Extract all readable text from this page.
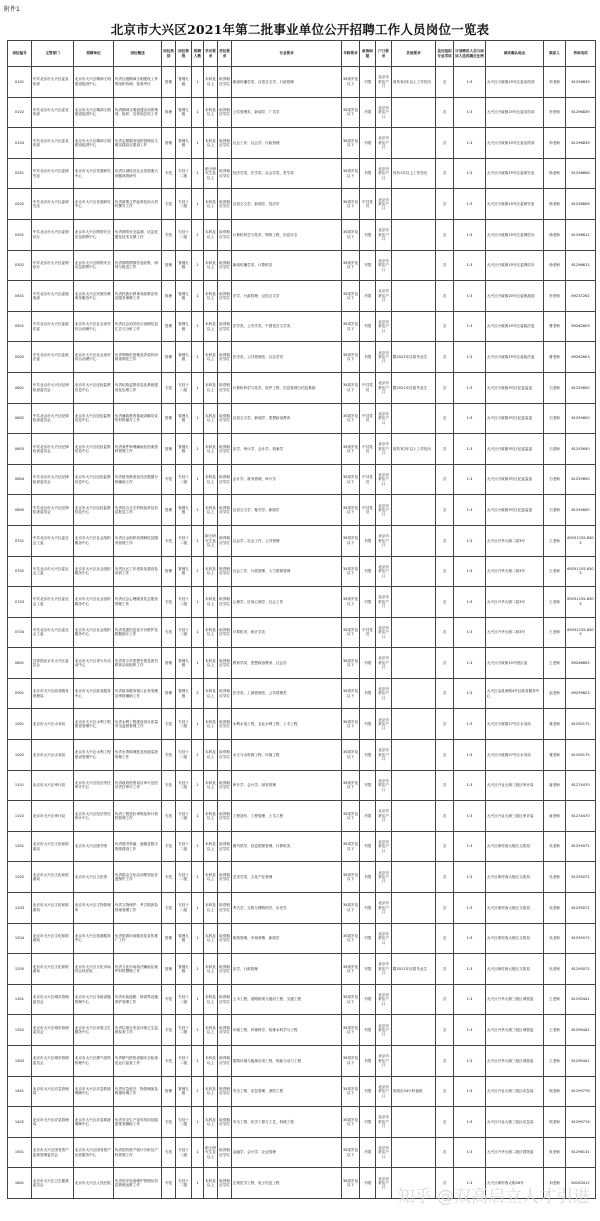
附件1
北京市大兴区2021年第二批事业单位公开招聘工作人员岗位一览表
岗位编号	主管部门	招聘单位	岗位概述	岗位类别	岗位等级	招聘人数	学历要求	学位要求	专业要求	年龄要求	政治面貌	户口要求	其他要求	是否组织专业考试	计划聘用人员与面试人选的确定比例	面试确认地点	联系人	咨询电话
0101	中共北京市大兴区委宣传部	北京市大兴区精神文明建设促进中心	负责区级精神文明建设工作的组织协调、检查考评	管理	管理九级	1	本科及以上	取得相应学位	新闻传播学类、汉语言文学、行政管理	35周岁及以下	不限	北京市常住户口	须具有2年以上工作经历	否	1:3	大兴区兴政街15号区委宣传部	李老师	61296839
0102	中共北京市大兴区委宣传部	北京市大兴区精神文明建设促进中心	负责精神文明创建活动的策划、组织、宣传和总结工作	管理	管理九级	1	本科及以上	取得相应学位	公共管理类、新闻学、广告学	35周岁及以下	不限	北京市常住户口		否	1:3	大兴区兴政街15号区委宣传部	李老师	61296839
0103	中共北京市大兴区委宣传部	北京市大兴区精神文明建设促进中心	负责志愿服务组织管理及文明实践站点建设工作	管理	管理九级	1	本科及以上	取得相应学位	社会工作、社会学、行政管理	35周岁及以下	不限	北京市常住户口		否	1:3	大兴区兴政街15号区委宣传部	李老师	61296839
0201	中共北京市大兴区委研究室	北京市大兴区发展研究中心	负责区域经济社会发展重大问题调查研究	专技	专技十二级	1	硕士研究生及以上	取得相应学位	经济学类、法学类、社会学类、哲学类	35周岁及以下	不限	北京市常住户口	具有1年以上工作经历	否	1:3	大兴区兴政街15号区委研究室	杨老师	61296808
0202	中共北京市大兴区委研究室	北京市大兴区发展研究中心	负责政策文件起草及综合材料撰写工作	专技	专技十二级	1	本科及以上	取得相应学位	汉语言文学、新闻学、经济学	35周岁及以下	中共党员	北京市常住户口		否	1:3	大兴区兴政街15号区委研究室	杨老师	61296808
0301	中共北京市大兴区委网信办	北京市大兴区网络安全应急指挥中心	负责网络安全监测、应急处置及技术支撑工作	专技	专技十二级	1	本科及以上	取得相应学位	计算机科学与技术、网络工程、信息安全	35周岁及以下	不限	北京市常住户口		否	1:3	大兴区兴政街15号区委网信办	徐老师	61296612
0302	中共北京市大兴区委网信办	北京市大兴区网络安全应急指挥中心	负责网络舆情信息收集、研判与报送工作	管理	管理九级	1	本科及以上	取得相应学位	新闻传播学类、计算机类	35周岁及以下	不限	北京市常住户口		否	1:3	大兴区兴政街15号区委网信办	徐老师	61296612
0401	中共北京市大兴区委统战部	北京市大兴区民族宗教事务服务中心	负责民族宗教事务政策宣传及服务保障工作	管理	管理九级	1	本科及以上	取得相应学位	法学、行政管理、汉语言文学	35周岁及以下	不限	北京市常住户口		否	1:3	大兴区兴政街20号区委统战部	李老师	69237262
0501	中共北京市大兴区委政法委	北京市大兴区社会治安综合治理中心	负责社会治安综合治理信息汇总与分析工作	管理	管理九级	1	本科及以上	取得相应学位	法学类、公安学类、中国语言文学类	35周岁及以下	不限	北京市常住户口		否	1:3	大兴区兴政街15号区委政法委	曹老师	69262603
0502	中共北京市大兴区委政法委	北京市大兴区社会治安综合治理中心	负责网格化管理及矛盾纠纷排查调处工作	管理	管理九级	1	本科及以上	取得相应学位	法学类、公共管理类、社会学类	35周岁及以下	不限	北京市常住户口	限2021年应届毕业生	否	1:3	大兴区兴政街15号区委政法委	曹老师	69262603
0601	中共北京市大兴区纪律检查委员会	北京市大兴区纪检监察信息中心	负责纪检监察信息化系统建设及运维工作	专技	专技十二级	1	本科及以上	取得相应学位	计算机科学与技术、软件工程、信息管理与信息系统	35周岁及以下	中共党员	北京市常住户口	限2021年应届毕业生	否	1:3	大兴区兴政街3号区纪委监委	石老师	61255650
0602	中共北京市大兴区纪律检查委员会	北京市大兴区纪检监察信息中心	负责廉政教育基地讲解及宣传材料编写工作	管理	管理九级	1	本科及以上	取得相应学位	汉语言文学、新闻学、思想政治教育	35周岁及以下	中共党员	北京市常住户口		否	1:3	大兴区兴政街3号区纪委监委	石老师	61255650
0603	中共北京市大兴区纪律检查委员会	北京市大兴区纪检监察信息中心	负责案件审理辅助及档案资料管理工作	管理	管理九级	1	本科及以上	取得相应学位	法学、审计学、会计学、档案学	35周岁及以下	中共党员	北京市常住户口	须具有2年以上工作经历	否	1:3	大兴区兴政街3号区纪委监委	石老师	61255650
0604	中共北京市大兴区纪律检查委员会	北京市大兴区纪检监察信息中心	负责财务核查及经济数据分析辅助工作	专技	专技十二级	1	本科及以上	取得相应学位	会计学、财务管理、审计学	35周岁及以下	中共党员	北京市常住户口		否	1:3	大兴区兴政街3号区纪委监委	石老师	61255650
0605	中共北京市大兴区纪律检查委员会	北京市大兴区纪检监察信息中心	负责综合文字材料起草及信息报送工作	管理	管理九级	1	本科及以上	取得相应学位	汉语言文学、秘书学、新闻学	35周岁及以下	中共党员	北京市常住户口		否	1:3	大兴区兴政街3号区纪委监委	石老师	61255650
0701	中共北京市大兴区委社会工委	北京市大兴区社会组织服务中心	负责社会组织培育孵化及服务管理工作	专技	专技十二级	1	硕士研究生及以上	取得相应学位	社会学、社会工作、公共管理	35周岁及以下	不限	北京市常住户口		否	1:3	大兴区兴华大街二段3号	王老师	69251155-8305
0702	中共北京市大兴区委社会工委	北京市大兴区社会组织服务中心	负责社区工作者队伍建设及培训工作	管理	管理九级	1	本科及以上	取得相应学位	社会工作、行政管理、人力资源管理	35周岁及以下	不限	北京市常住户口		否	1:3	大兴区兴华大街二段3号	王老师	69251155-8305
0703	中共北京市大兴区委社会工委	北京市大兴区社会组织服务中心	负责社会心理服务及志愿者管理工作	专技	专技十二级	1	本科及以上	取得相应学位	心理学、应用心理学、社会工作	35周岁及以下	不限	北京市常住户口		否	1:3	大兴区兴华大街二段3号	王老师	69251155-8305
0704	中共北京市大兴区委社会工委	北京市大兴区社会组织服务中心	负责党建信息化平台维护及数据统计工作	专技	专技十二级	1	本科及以上	取得相应学位	计算机类、统计学类	35周岁及以下	中共党员	北京市常住户口		否	1:3	大兴区兴华大街二段3号	王老师	69251155-8305
0801	共青团北京市大兴区委员会	北京市大兴区青少年活动中心	负责青少年思想引领及团员教育活动组织工作	管理	管理九级	1	本科及以上	取得相应学位	教育学类、思想政治教育、社会学	35周岁及以下	不限	北京市常住户口		否	1:3	大兴区兴政街15号团区委	王老师	69266605
0901	北京市大兴区政务服务管理局	北京市大兴区政务服务中心	负责政务服务窗口业务受理及审批辅助工作	管理	管理九级	2	本科及以上	取得相应学位	法学类、工商管理类、公共管理类	35周岁及以下	不限	北京市常住户口		否	1:3	大兴区金星西路4号区政务服务中心	赵老师	69295623
1001	北京市大兴区水务局	北京市大兴区水利工程建设管理中心	负责水利工程建设项目质量安全监督管理工作	专技	专技十二级	1	本科及以上	取得相应学位	水利水电工程、农业水利工程、土木工程	35周岁及以下	不限	北京市常住户口		否	1:3	大兴区兴政街27号区水务局	聂老师	61290175
1002	北京市大兴区水务局	北京市大兴区水利工程建设管理中心	负责水资源调度及河道巡查管理工作	专技	专技十二级	1	本科及以上	取得相应学位	水文与水资源工程、环境工程	35周岁及以下	不限	北京市常住户口		否	1:3	大兴区兴政街27号区水务局	聂老师	61290175
1101	北京市大兴区审计局	北京市大兴区经济责任审计中心	负责政府投资项目审计及经济责任审计工作	专技	专技十二级	1	本科及以上	取得相应学位	审计学、会计学、财务管理	35周岁及以下	不限	北京市常住户口		否	1:3	大兴区兴业大街三段区审计局	唐老师	61274470
1102	北京市大兴区审计局	北京市大兴区经济责任审计中心	负责工程造价审核及审计资料管理工作	专技	专技十二级	1	本科及以上	取得相应学位	工程造价、工程管理、土木工程	35周岁及以下	不限	北京市常住户口		否	1:3	大兴区兴业大街三段区审计局	唐老师	61274470
1201	北京市大兴区文化和旅游局	北京市大兴区图书馆	负责图书采编、流通及数字资源建设工作	专技	专技十二级	1	本科及以上	取得相应学位	图书馆学、信息资源管理、计算机类	35周岁及以下	不限	北京市常住户口		否	1:3	大兴区黄村西大街区文旅局	吴老师	61295072
1202	北京市大兴区文化和旅游局	北京市大兴区文化馆	负责群众文化活动策划及非遗保护工作	专技	专技十二级	1	本科及以上	取得相应学位	艺术学类、文化产业管理	35周岁及以下	不限	北京市常住户口		否	1:3	大兴区黄村西大街区文旅局	吴老师	61295072
1203	北京市大兴区文化和旅游局	北京市大兴区文物管理所	负责文物保护、考古勘探及档案管理工作	专技	专技十二级	1	本科及以上	取得相应学位	考古学、文物与博物馆学、历史学	35周岁及以下	不限	北京市常住户口		否	1:3	大兴区黄村西大街区文旅局	吴老师	61295072
1204	北京市大兴区文化和旅游局	北京市大兴区旅游服务中心	负责旅游市场服务及宣传推广工作	管理	管理九级	1	本科及以上	取得相应学位	旅游管理、市场营销、新闻学	35周岁及以下	不限	北京市常住户口		否	1:3	大兴区黄村西大街区文旅局	吴老师	61295072
1205	北京市大兴区文化和旅游局	北京市大兴区文化市场综合执法队	负责文化市场执法辅助及案件材料整理工作	管理	管理九级	1	本科及以上	取得相应学位	法学、行政管理	35周岁及以下	不限	北京市常住户口	限2021年应届毕业生	否	1:3	大兴区黄村西大街区文旅局	吴老师	61295072
1301	北京市大兴区城市管理委员会	北京市大兴区市政设施管理中心	负责市政道路、桥梁等设施养护管理工作	专技	专技十二级	1	本科及以上	取得相应学位	土木工程、道路桥梁与渡河工程、交通工程	35周岁及以下	不限	北京市常住户口		否	1:3	大兴区兴华大街三段区城管委	王老师	61290441
1302	北京市大兴区城市管理委员会	北京市大兴区环境卫生服务中心	负责垃圾分类及环境卫生监督检查工作	专技	专技十二级	1	本科及以上	取得相应学位	环境工程、环境科学、给排水科学与工程	35周岁及以下	不限	北京市常住户口		否	1:3	大兴区兴华大街三段区城管委	王老师	61290441
1303	北京市大兴区城市管理委员会	北京市大兴区燃气供热管理中心	负责燃气供热设施安全检查及运行监管工作	专技	专技十二级	1	本科及以上	取得相应学位	建筑环境与能源应用工程、热能与动力工程	35周岁及以下	不限	北京市常住户口		否	1:3	大兴区兴华大街三段区城管委	王老师	61290441
1401	北京市大兴区应急管理局	北京市大兴区应急救援保障中心	负责应急值守、物资储备及救援协调工作	管理	管理九级	1	本科及以上	取得相应学位	安全工程、应急管理、消防工程	35周岁及以下	不限	北京市常住户口	须适应24小时值班	否	1:3	大兴区兴业大街三段区应急局	郭老师	61299776
1402	北京市大兴区应急管理局	北京市大兴区应急救援保障中心	负责安全生产宣传培训及隐患排查辅助工作	专技	专技十二级	1	本科及以上	取得相应学位	安全工程、化学工程与工艺、机械工程	35周岁及以下	不限	北京市常住户口		否	1:3	大兴区兴业大街三段区应急局	郭老师	61299776
1501	北京市大兴区国有资产监督管理委员会	北京市大兴区国有资产运营服务中心	负责国有资产统计分析及产权管理工作	专技	专技十二级	1	硕士研究生及以上	取得相应学位	金融学、会计学、企业管理	35周岁及以下	不限	北京市常住户口		否	1:3	大兴区兴华大街二段区国资委	张老师	61296131
1601	北京市大兴区卫生健康委员会	北京市大兴区人民医院	负责医疗设备维护管理及信息系统运维工作	专技	专技十二级	1	本科及以上	取得相应学位	生物医学工程、电子信息工程	35周岁及以下	不限	北京市常住户口		否	1:3	大兴区黄村西大街26号	刘老师	60283412
知乎 @双高启立人才引进
